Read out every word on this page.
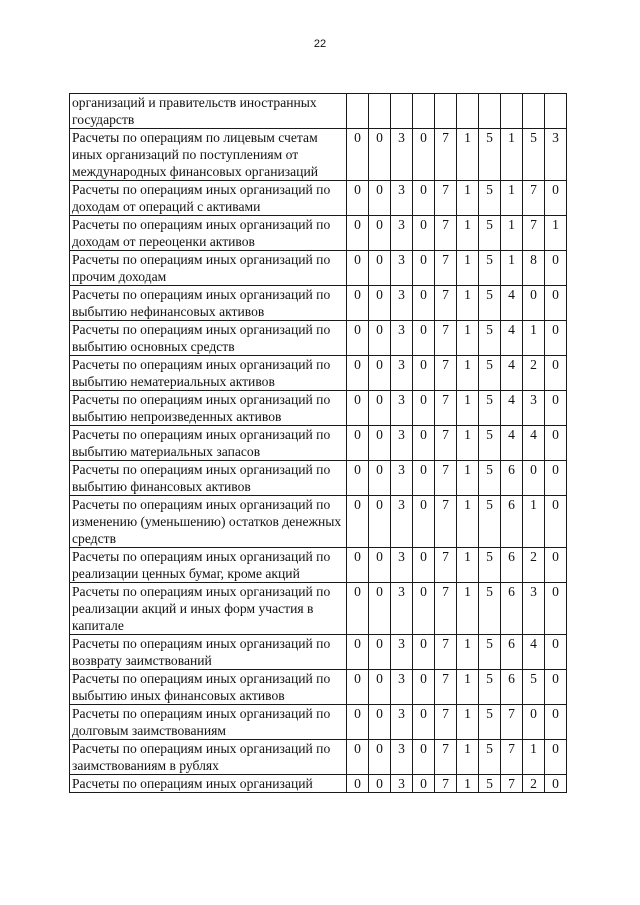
22
организаций и правительств иностранных государств										
Расчеты по операциям по лицевым счетам иных организаций по поступлениям от международных финансовых организаций	0	0	3	0	7	1	5	1	5	3
Расчеты по операциям иных организаций по доходам от операций с активами	0	0	3	0	7	1	5	1	7	0
Расчеты по операциям иных организаций по доходам от переоценки активов	0	0	3	0	7	1	5	1	7	1
Расчеты по операциям иных организаций по прочим доходам	0	0	3	0	7	1	5	1	8	0
Расчеты по операциям иных организаций по выбытию нефинансовых активов	0	0	3	0	7	1	5	4	0	0
Расчеты по операциям иных организаций по выбытию основных средств	0	0	3	0	7	1	5	4	1	0
Расчеты по операциям иных организаций по выбытию нематериальных активов	0	0	3	0	7	1	5	4	2	0
Расчеты по операциям иных организаций по выбытию непроизведенных активов	0	0	3	0	7	1	5	4	3	0
Расчеты по операциям иных организаций по выбытию материальных запасов	0	0	3	0	7	1	5	4	4	0
Расчеты по операциям иных организаций по выбытию финансовых активов	0	0	3	0	7	1	5	6	0	0
Расчеты по операциям иных организаций по изменению (уменьшению) остатков денежных средств	0	0	3	0	7	1	5	6	1	0
Расчеты по операциям иных организаций по реализации ценных бумаг, кроме акций	0	0	3	0	7	1	5	6	2	0
Расчеты по операциям иных организаций по реализации акций и иных форм участия в капитале	0	0	3	0	7	1	5	6	3	0
Расчеты по операциям иных организаций по возврату заимствований	0	0	3	0	7	1	5	6	4	0
Расчеты по операциям иных организаций по выбытию иных финансовых активов	0	0	3	0	7	1	5	6	5	0
Расчеты по операциям иных организаций по долговым заимствованиям	0	0	3	0	7	1	5	7	0	0
Расчеты по операциям иных организаций по заимствованиям в рублях	0	0	3	0	7	1	5	7	1	0
Расчеты по операциям иных организаций	0	0	3	0	7	1	5	7	2	0
